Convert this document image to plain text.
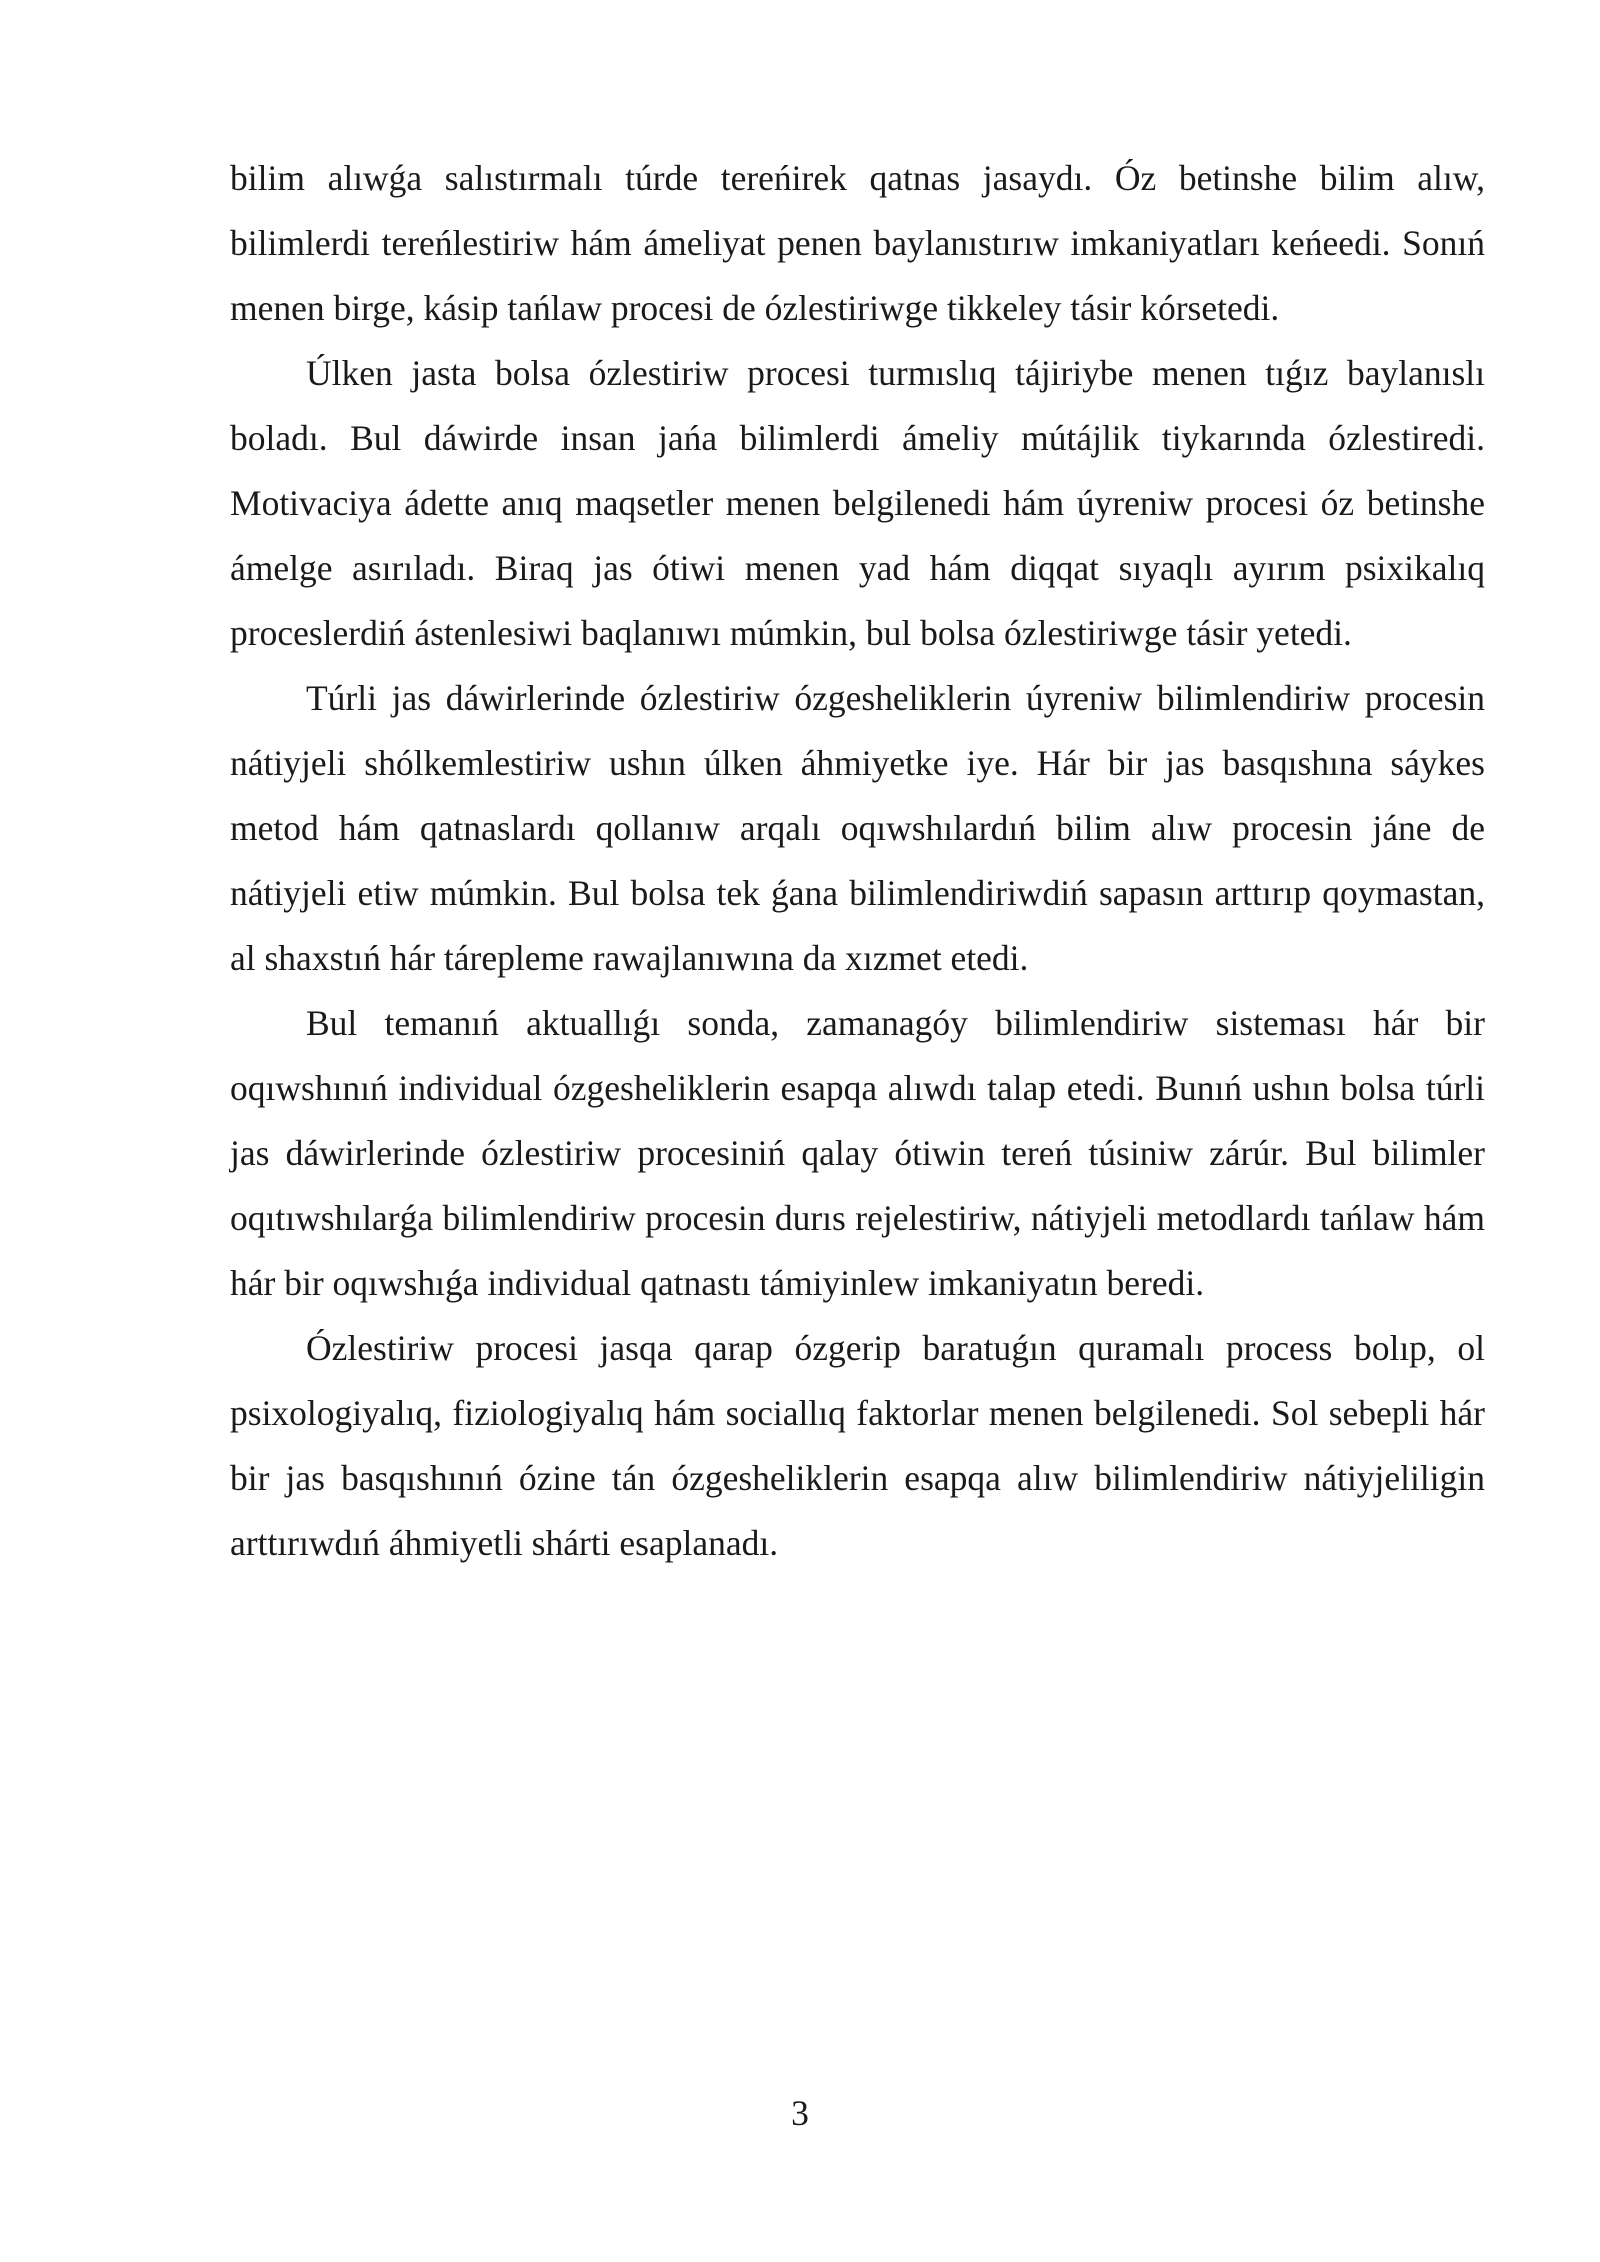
bilim alıwǵa salıstırmalı túrde tereńirek qatnas jasaydı. Óz betinshe bilim alıw, bilimlerdi tereńlestiriw hám ámeliyat penen baylanıstırıw imkaniyatları keńeedi. Sonıń menen birge, kásip tańlaw procesi de ózlestiriwge tikkeley tásir kórsetedi.

Úlken jasta bolsa ózlestiriw procesi turmıslıq tájiriybe menen tıǵız baylanıslı boladı. Bul dáwirde insan jańa bilimlerdi ámeliy mútájlik tiykarında ózlestiredi. Motivaciya ádette anıq maqsetler menen belgilenedi hám úyreniw procesi óz betinshe ámelge asırıladı. Biraq jas ótiwi menen yad hám diqqat sıyaqlı ayırım psixikalıq proceslerdiń ástenlesiwi baqlanıwı múmkin, bul bolsa ózlestiriwge tásir yetedi.

Túrli jas dáwirlerinde ózlestiriw ózgesheliklerin úyreniw bilimlendiriw procesin nátiyjeli shólkemlestiriw ushın úlken áhmiyetke iye. Hár bir jas basqıshına sáykes metod hám qatnaslardı qollanıw arqalı oqıwshılardıń bilim alıw procesin jáne de nátiyjeli etiw múmkin. Bul bolsa tek ǵana bilimlendiriwdiń sapasın arttırıp qoymastan, al shaxstıń hár tárepleme rawajlanıwına da xızmet etedi.

Bul temanıń aktuallıǵı sonda, zamanagóy bilimlendiriw sisteması hár bir oqıwshınıń individual ózgesheliklerin esapqa alıwdı talap etedi. Bunıń ushın bolsa túrli jas dáwirlerinde ózlestiriw procesiniń qalay ótiwin tereń túsiniw zárúr. Bul bilimler oqıtıwshılarǵa bilimlendiriw procesin durıs rejelestiriw, nátiyjeli metodlardı tańlaw hám hár bir oqıwshıǵa individual qatnastı támiyinlew imkaniyatın beredi.

Ózlestiriw procesi jasqa qarap ózgerip baratuǵın quramalı process bolıp, ol psixologiyalıq, fiziologiyalıq hám sociallıq faktorlar menen belgilenedi. Sol sebepli hár bir jas basqıshınıń ózine tán ózgesheliklerin esapqa alıw bilimlendiriw nátiyjeliligin arttırıwdıń áhmiyetli shárti esaplanadı.

3
